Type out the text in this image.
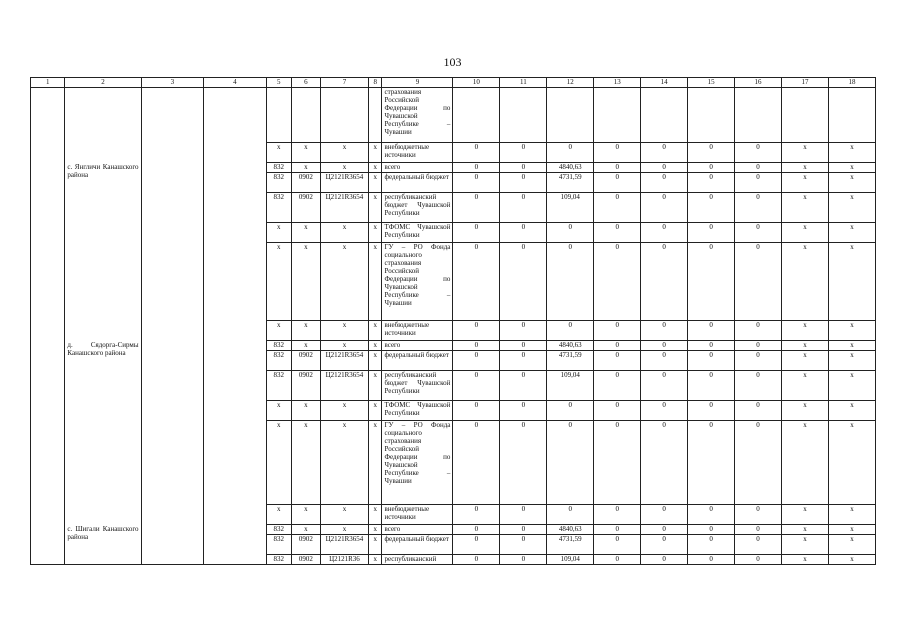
103
1	2	3	4	5	6	7	8	9	10	11	12	13	14	15	16	17	18
								страхования Российской Федерации по Чувашской Республике – Чувашии									
				x	x	x	x	внебюджетные источники	0	0	0	0	0	0	0	x	x
	с. Янгличи Канашского района			832	x	x	x	всего	0	0	4840,63	0	0	0	0	x	x
				832	0902	Ц2121R3654	x	федеральный бюджет	0	0	4731,59	0	0	0	0	x	x
				832	0902	Ц2121R3654	x	республиканский бюджет Чувашской Республики	0	0	109,04	0	0	0	0	x	x
				x	x	x	x	ТФОМС Чувашской Республики	0	0	0	0	0	0	0	x	x
				x	x	x	x	ГУ – РО Фонда социального страхования Российской Федерации по Чувашской Республике – Чувашии	0	0	0	0	0	0	0	x	x
				x	x	x	x	внебюджетные источники	0	0	0	0	0	0	0	x	x
	д. Сядорга-Сирмы Канашского района			832	x	x	x	всего	0	0	4840,63	0	0	0	0	x	x
				832	0902	Ц2121R3654	x	федеральный бюджет	0	0	4731,59	0	0	0	0	x	x
				832	0902	Ц2121R3654	x	республиканский бюджет Чувашской Республики	0	0	109,04	0	0	0	0	x	x
				x	x	x	x	ТФОМС Чувашской Республики	0	0	0	0	0	0	0	x	x
				x	x	x	x	ГУ – РО Фонда социального страхования Российской Федерации по Чувашской Республике – Чувашии	0	0	0	0	0	0	0	x	x
				x	x	x	x	внебюджетные источники	0	0	0	0	0	0	0	x	x
	с. Шигали Канашского района			832	x	x	x	всего	0	0	4840,63	0	0	0	0	x	x
				832	0902	Ц2121R3654	x	федеральный бюджет	0	0	4731,59	0	0	0	0	x	x
				832	0902	Ц2121R36	x	республиканский	0	0	109,04	0	0	0	0	x	x
